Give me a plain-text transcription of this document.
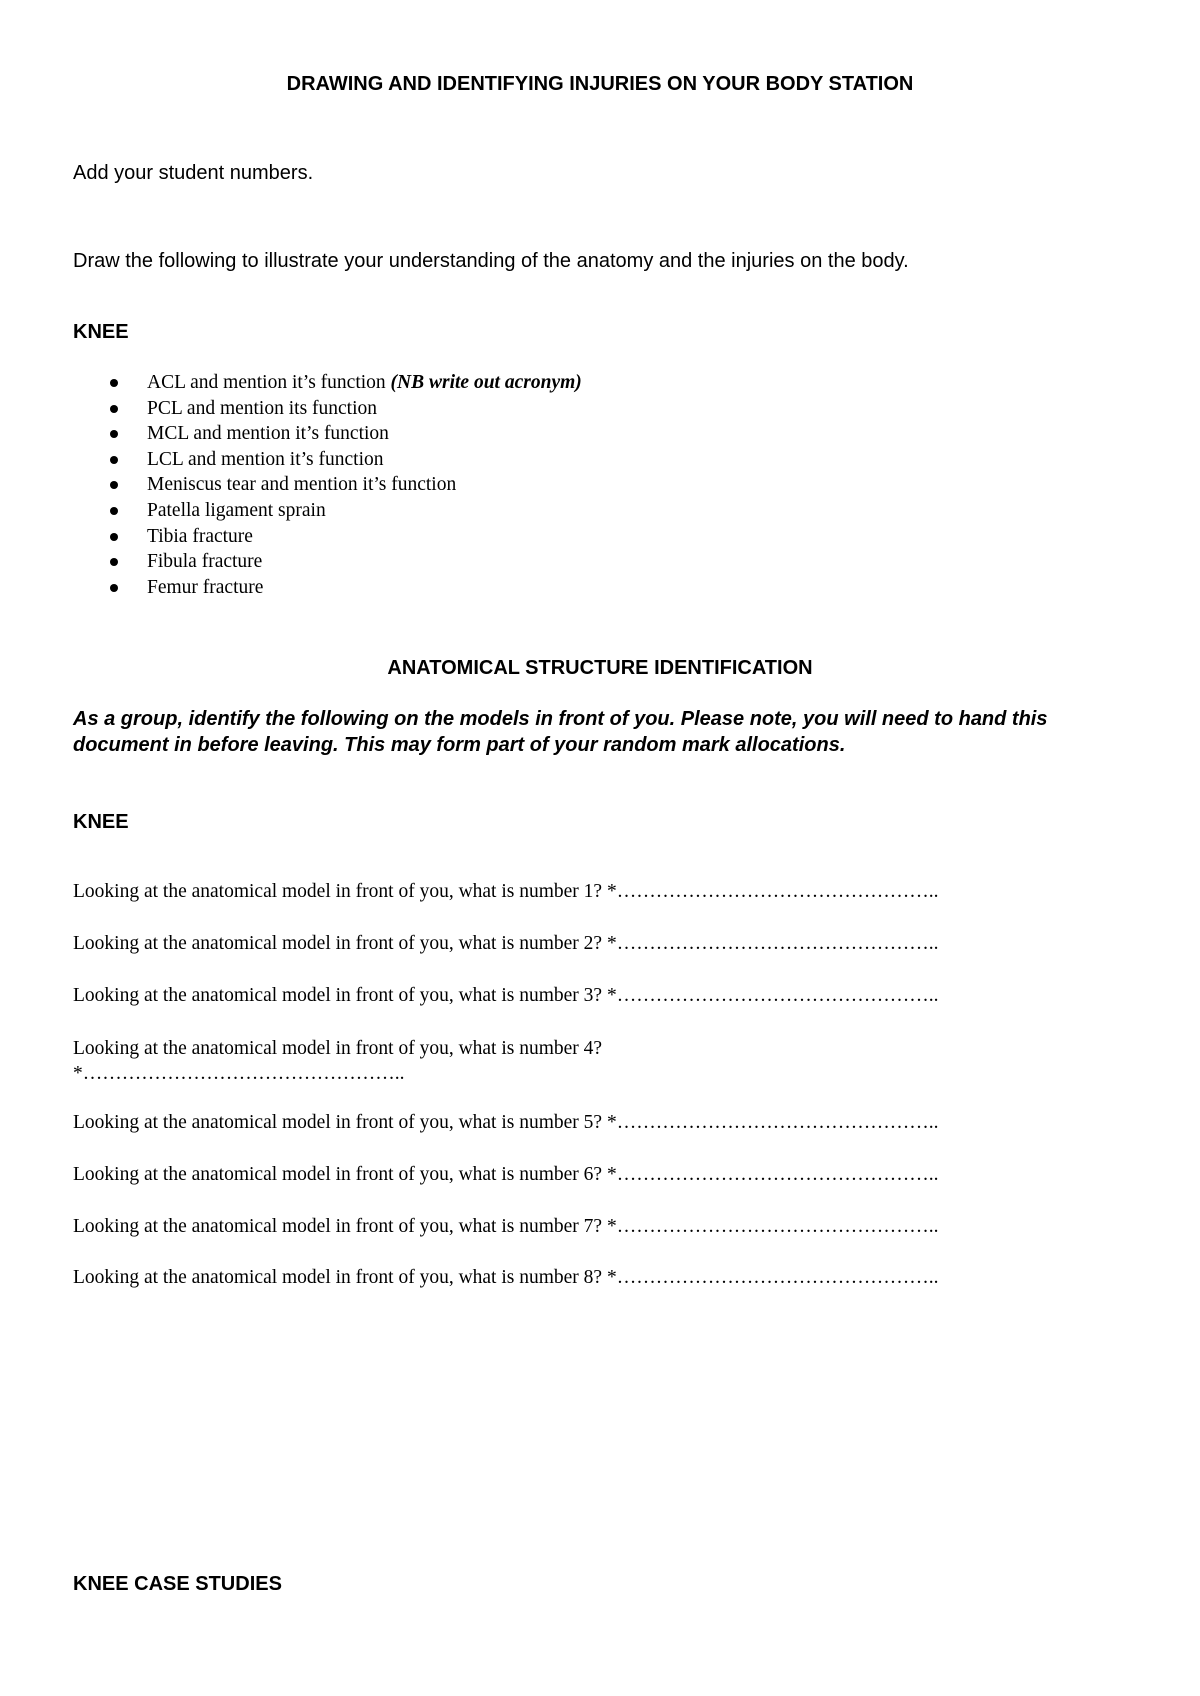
DRAWING AND IDENTIFYING INJURIES ON YOUR BODY STATION
Add your student numbers.
Draw the following to illustrate your understanding of the anatomy and the injuries on the body.
KNEE
ACL and mention it’s function (NB write out acronym)
PCL and mention its function
MCL and mention it’s function
LCL and mention it’s function
Meniscus tear and mention it’s function
Patella ligament sprain
Tibia fracture
Fibula fracture
Femur fracture
ANATOMICAL STRUCTURE IDENTIFICATION
As a group, identify the following on the models in front of you. Please note, you will need to hand this document in before leaving. This may form part of your random mark allocations.
KNEE
Looking at the anatomical model in front of you, what is number 1? *…………………………………………..
Looking at the anatomical model in front of you, what is number 2? *…………………………………………..
Looking at the anatomical model in front of you, what is number 3? *…………………………………………..
Looking at the anatomical model in front of you, what is number 4? *…………………………………………..
Looking at the anatomical model in front of you, what is number 5? *…………………………………………..
Looking at the anatomical model in front of you, what is number 6? *…………………………………………..
Looking at the anatomical model in front of you, what is number 7? *…………………………………………..
Looking at the anatomical model in front of you, what is number 8? *…………………………………………..
KNEE CASE STUDIES
